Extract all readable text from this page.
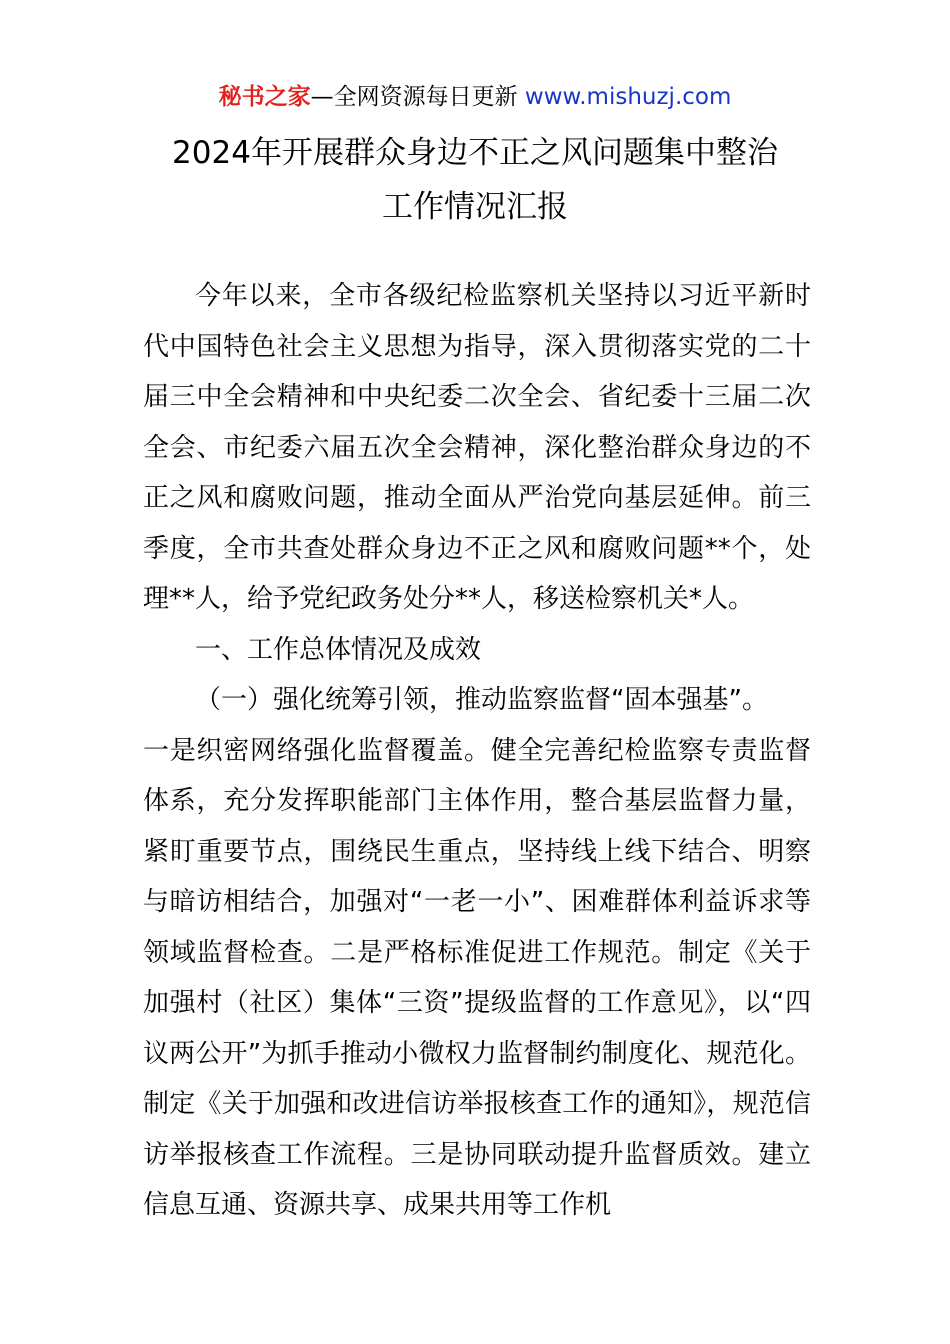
秘书之家—全网资源每日更新 www.mishuzj.com
2024年开展群众身边不正之风问题集中整治
工作情况汇报

今年以来，全市各级纪检监察机关坚持以习近平新时代中国特色社会主义思想为指导，深入贯彻落实党的二十届三中全会精神和中央纪委二次全会、省纪委十三届二次全会、市纪委六届五次全会精神，深化整治群众身边的不正之风和腐败问题，推动全面从严治党向基层延伸。前三季度，全市共查处群众身边不正之风和腐败问题**个，处理**人，给予党纪政务处分**人，移送检察机关*人。

一、工作总体情况及成效

（一）强化统筹引领，推动监察监督“固本强基”。

一是织密网络强化监督覆盖。健全完善纪检监察专责监督体系，充分发挥职能部门主体作用，整合基层监督力量，紧盯重要节点，围绕民生重点，坚持线上线下结合、明察与暗访相结合，加强对“一老一小”、困难群体利益诉求等领域监督检查。二是严格标准促进工作规范。制定《关于加强村（社区）集体“三资”提级监督的工作意见》，以“四议两公开”为抓手推动小微权力监督制约制度化、规范化。制定《关于加强和改进信访举报核查工作的通知》，规范信访举报核查工作流程。三是协同联动提升监督质效。建立信息互通、资源共享、成果共用等工作机
